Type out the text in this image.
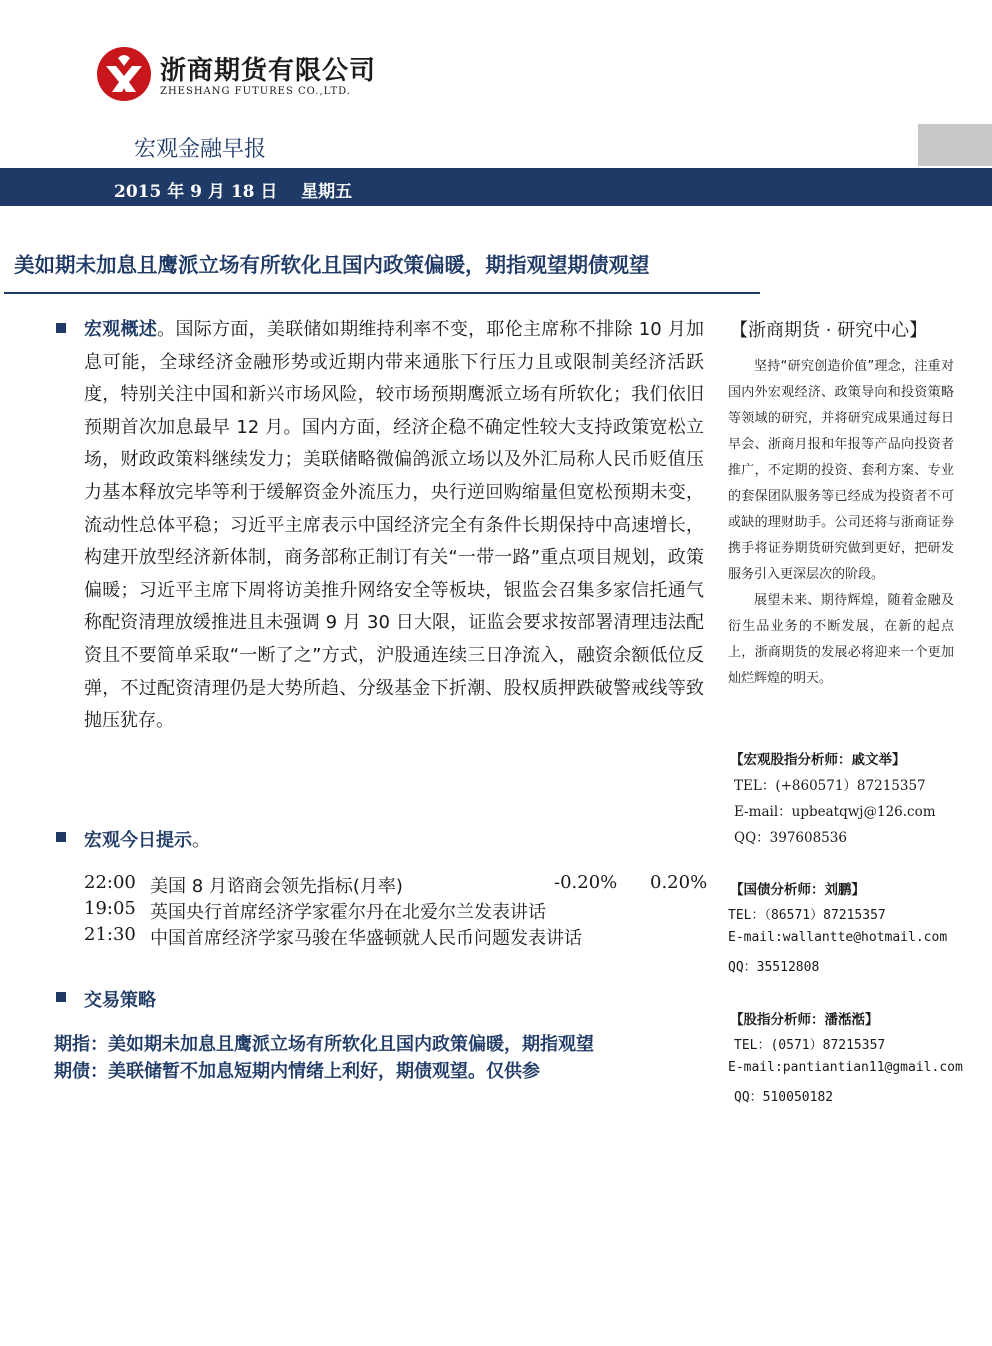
浙商期货有限公司
ZHESHANG FUTURES CO.,LTD.
宏观金融早报
2015 年 9 月 18 日    星期五
美如期未加息且鹰派立场有所软化且国内政策偏暖，期指观望期债观望

宏观概述。国际方面，美联储如期维持利率不变，耶伦主席称不排除 10 月加息可能，全球经济金融形势或近期内带来通胀下行压力且或限制美经济活跃度，特别关注中国和新兴市场风险，较市场预期鹰派立场有所软化；我们依旧预期首次加息最早 12 月。国内方面，经济企稳不确定性较大支持政策宽松立场，财政政策料继续发力；美联储略微偏鸽派立场以及外汇局称人民币贬值压力基本释放完毕等利于缓解资金外流压力，央行逆回购缩量但宽松预期未变，流动性总体平稳；习近平主席表示中国经济完全有条件长期保持中高速增长，构建开放型经济新体制，商务部称正制订有关“一带一路”重点项目规划，政策偏暖；习近平主席下周将访美推升网络安全等板块，银监会召集多家信托通气称配资清理放缓推进且未强调 9 月 30 日大限，证监会要求按部署清理违法配资且不要简单采取“一断了之”方式，沪股通连续三日净流入，融资余额低位反弹，不过配资清理仍是大势所趋、分级基金下折潮、股权质押跌破警戒线等致抛压犹存。

宏观今日提示。
22:00 美国 8 月谘商会领先指标(月率)	-0.20% 0.20%
19:05 英国央行首席经济学家霍尔丹在北爱尔兰发表讲话
21:30 中国首席经济学家马骏在华盛顿就人民币问题发表讲话
交易策略
期指：美如期未加息且鹰派立场有所软化且国内政策偏暖，期指观望
期债：美联储暂不加息短期内情绪上利好，期债观望。仅供参
【浙商期货 · 研究中心】

坚持“研究创造价值”理念，注重对国内外宏观经济、政策导向和投资策略等领域的研究，并将研究成果通过每日早会、浙商月报和年报等产品向投资者推广，不定期的投资、套利方案、专业的套保团队服务等已经成为投资者不可或缺的理财助手。公司还将与浙商证券携手将证券期货研究做到更好，把研发服务引入更深层次的阶段。

展望未来、期待辉煌，随着金融及衍生品业务的不断发展，在新的起点上，浙商期货的发展必将迎来一个更加灿烂辉煌的明天。

【宏观股指分析师：戚文举】
TEL：(+860571）87215357
E-mail：upbeatqwj@126.com
QQ：397608536
【国债分析师：刘鹏】
TEL：（86571）87215357
E-mail:wallantte@hotmail.com
QQ：35512808
【股指分析师：潘湉湉】
TEL：(0571）87215357
E-mail:pantiantian11@gmail.com
QQ：510050182
